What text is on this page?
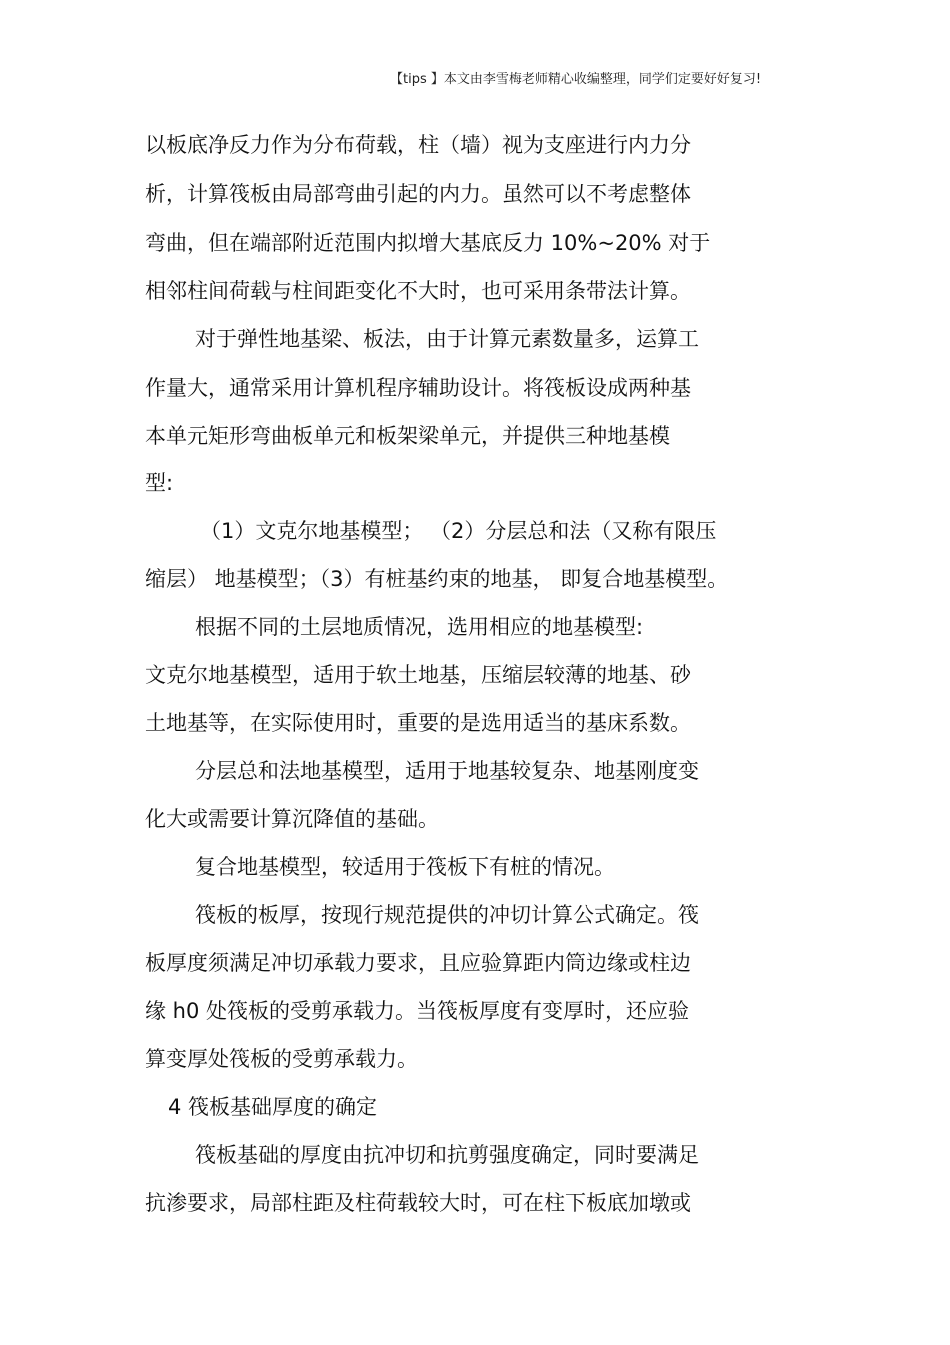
【tips 】本文由李雪梅老师精心收编整理，同学们定要好好复习!
以板底净反力作为分布荷载，柱（墙）视为支座进行内力分
析，计算筏板由局部弯曲引起的内力。虽然可以不考虑整体
弯曲，但在端部附近范围内拟增大基底反力 10%~20% 对于
相邻柱间荷载与柱间距变化不大时，也可采用条带法计算。
对于弹性地基梁、板法，由于计算元素数量多，运算工
作量大，通常采用计算机程序辅助设计。将筏板设成两种基
本单元矩形弯曲板单元和板架梁单元，并提供三种地基模
型:
（1）文克尔地基模型； （2）分层总和法（又称有限压
缩层） 地基模型；（3）有桩基约束的地基， 即复合地基模型。
根据不同的土层地质情况，选用相应的地基模型:
文克尔地基模型，适用于软土地基，压缩层较薄的地基、砂
土地基等，在实际使用时，重要的是选用适当的基床系数。
分层总和法地基模型，适用于地基较复杂、地基刚度变
化大或需要计算沉降值的基础。
复合地基模型，较适用于筏板下有桩的情况。
筏板的板厚，按现行规范提供的冲切计算公式确定。筏
板厚度须满足冲切承载力要求，且应验算距内筒边缘或柱边
缘 h0 处筏板的受剪承载力。当筏板厚度有变厚时，还应验
算变厚处筏板的受剪承载力。
4 筏板基础厚度的确定
筏板基础的厚度由抗冲切和抗剪强度确定，同时要满足
抗渗要求，局部柱距及柱荷载较大时，可在柱下板底加墩或
